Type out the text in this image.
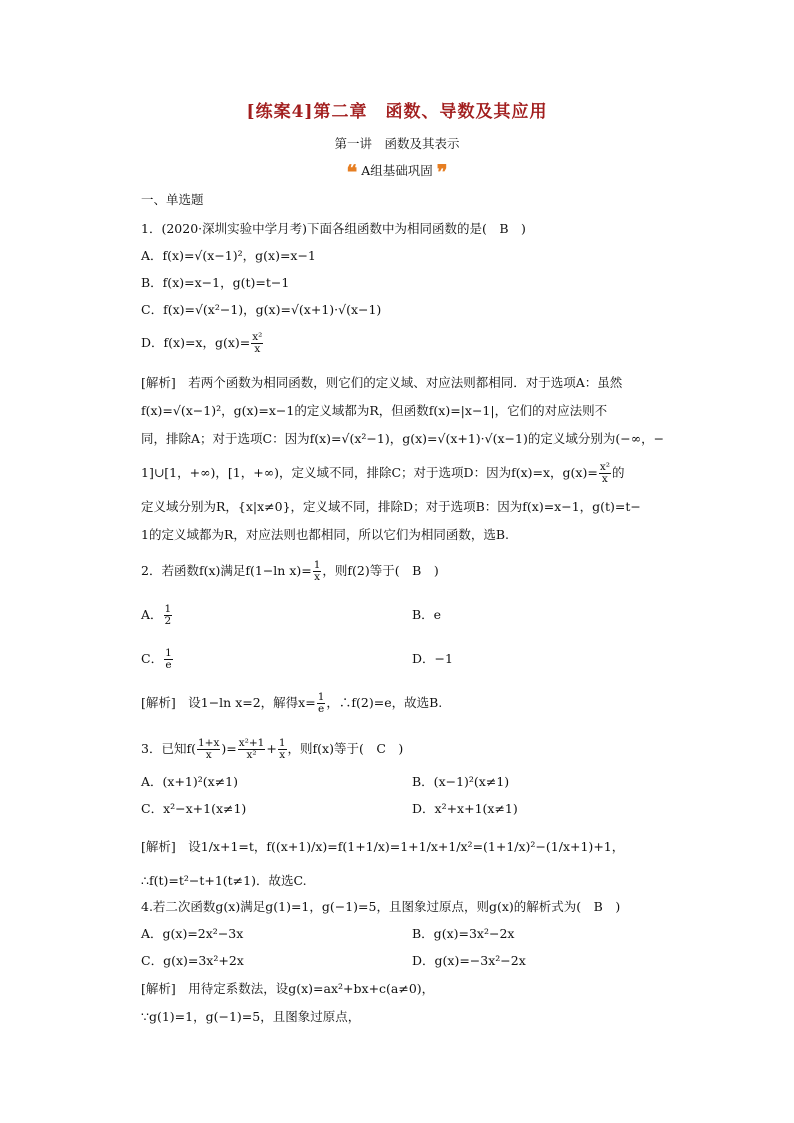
[练案4]第二章　函数、导数及其应用
第一讲　函数及其表示
❝ A组基础巩固 ❞
一、单选题
1．(2020·深圳实验中学月考)下面各组函数中为相同函数的是(　B　)
A．f(x)=√(x−1)²，g(x)=x−1
B．f(x)=x−1，g(t)=t−1
C．f(x)=√(x²−1)，g(x)=√(x+1)·√(x−1)
D．f(x)=x，$g(x)= \frac{\text{x²}}{x}$
[解析]　若两个函数为相同函数，则它们的定义域、对应法则都相同．对于选项A：虽然
f(x)=√(x−1)²，g(x)=x−1的定义域都为R，但函数f(x)=|x−1|，它们的对应法则不
同，排除A；对于选项C：因为f(x)=√(x²−1)，g(x)=√(x+1)·√(x−1)的定义域分别为(−∞，−
1]∪[1，+∞)，[1，+∞)，定义域不同，排除C；对于选项D：因为f(x)=x，$g(x)= \frac{\text{x²}}{x}$ 的
定义域分别为R，{x|x≠0}，定义域不同，排除D；对于选项B：因为f(x)=x−1，g(t)=t−
1的定义域都为R，对应法则也都相同，所以它们为相同函数，选B.
2．若函数f(x)满足f(1−ln $x)= \frac{1}{x}$ ，则f(2)等于(　B　)
A． $\frac{1}{2}$	B．e
C． $\frac{1}{e}$	D．−1
[解析]　设1−ln x=2，解得$x= \frac{1}{e}$ ，∴f(2)=e，故选B.
3．已知$f( \frac{1+x}{x}$ )= $\frac{\text{x²+1}}{\text{x²}} + \frac{1}{x}$ ，则f(x)等于(　C　)
A．(x+1)²(x≠1)	B．(x−1)²(x≠1)
C．x²−x+1(x≠1)	D．x²+x+1(x≠1)
[解析]　设1/x+1=t，f((x+1)/x)=f(1+1/x)=1+1/x+1/x²=(1+1/x)²−(1/x+1)+1，
∴f(t)=t²−t+1(t≠1)．故选C.
4.若二次函数g(x)满足g(1)=1，g(−1)=5，且图象过原点，则g(x)的解析式为(　B　)
A．g(x)=2x²−3x	B．g(x)=3x²−2x
C．g(x)=3x²+2x	D．g(x)=−3x²−2x
[解析]　用待定系数法，设g(x)=ax²+bx+c(a≠0)，
∵g(1)=1，g(−1)=5，且图象过原点，
